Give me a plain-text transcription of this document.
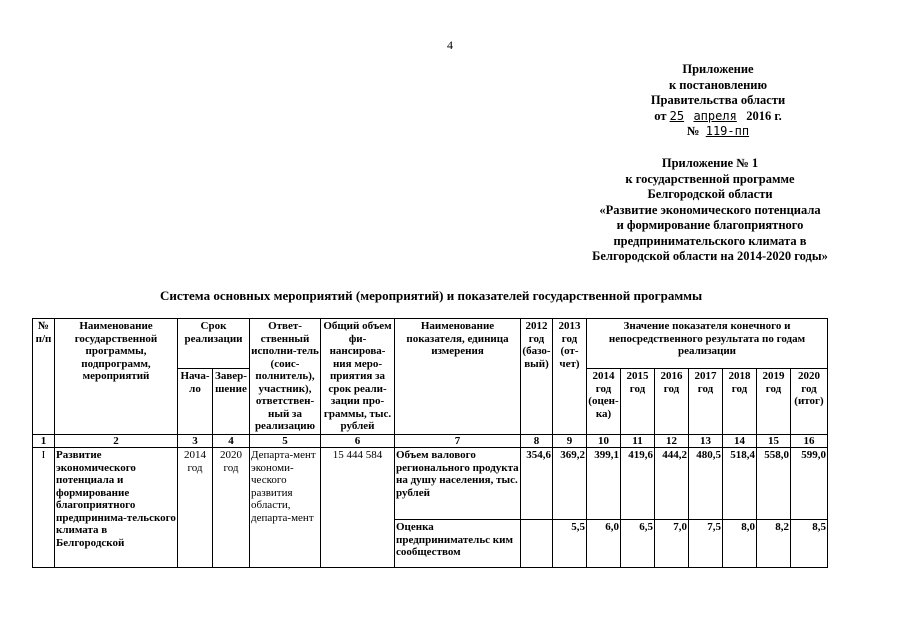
4
Приложение
к постановлению
Правительства области
от 25 апреля 2016 г.
№ 119-пп
Приложение № 1
к государственной программе
Белгородской области
«Развитие экономического потенциала
и формирование благоприятного
предпринимательского климата в
Белгородской области на 2014-2020 годы»
Система основных мероприятий (мероприятий) и показателей государственной программы
№ п/п	Наименование государственной программы, подпрограмм, мероприятий	Срок реализации		Ответ-ственный исполни-тель (соис-полнитель), участник), ответствен-ный за реализацию	Общий объем фи-нансирова-ния меро-приятия за срок реали-зации про-граммы, тыс. рублей	Наименование показателя, единица измерения	2012 год (базо-вый)	2013 год (от-чет)	Значение показателя конечного и непосредственного результата по годам реализации						
		Нача-ло	Завер-шение						2014 год (оцен-ка)	2015 год	2016 год	2017 год	2018 год	2019 год	2020 год (итог)
1	2	3	4	5	6	7	8	9	10	11	12	13	14	15	16
I	Развитие экономического потенциала и формирование благоприятного предпринима-тельского климата в Белгородской	2014 год	2020 год	Департа-мент экономи-ческого развития области, департа-мент	15 444 584	Объем валового регионального продукта на душу населения, тыс. рублей	354,6	369,2	399,1	419,6	444,2	480,5	518,4	558,0	599,0
						Оценка предпринимательс ким сообществом		5,5	6,0	6,5	7,0	7,5	8,0	8,2	8,5
